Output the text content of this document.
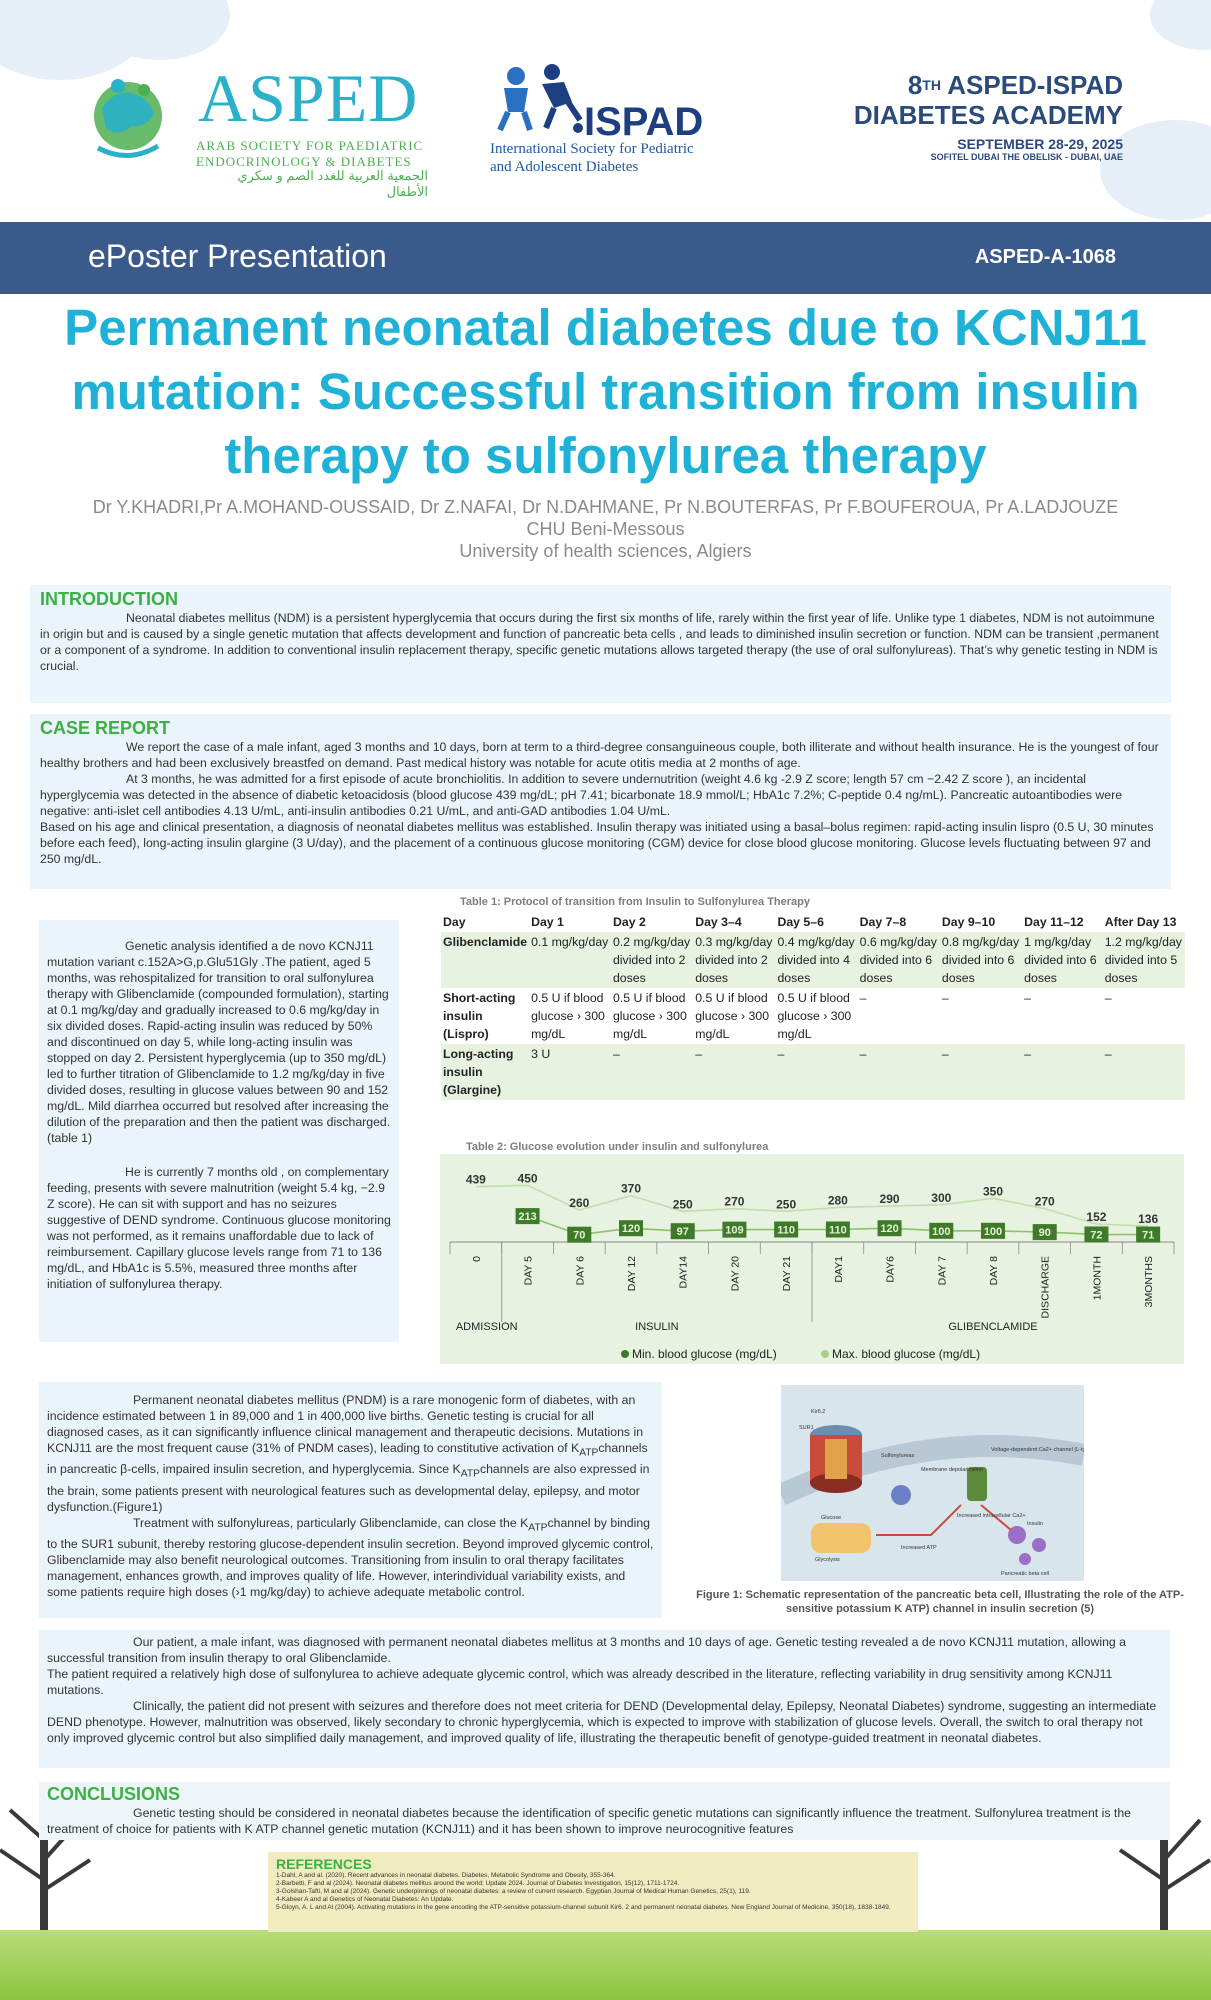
ASPED
ARAB SOCIETY FOR PAEDIATRIC
ENDOCRINOLOGY & DIABETES
الجمعية العربية للغدد الصم و سكري الأطفال
ISPAD
International Society for Pediatric
and Adolescent Diabetes
8TH ASPED-ISPAD
DIABETES ACADEMY
SEPTEMBER 28-29, 2025
SOFITEL DUBAI THE OBELISK - DUBAI, UAE
ePoster Presentation	ASPED-A-1068
Permanent neonatal diabetes due to KCNJ11
mutation: Successful transition from insulin
therapy to sulfonylurea therapy
Dr Y.KHADRI,Pr A.MOHAND-OUSSAID, Dr Z.NAFAI, Dr N.DAHMANE, Pr N.BOUTERFAS, Pr F.BOUFEROUA, Pr A.LADJOUZE
CHU Beni-Messous
University of health sciences, Algiers
INTRODUCTION

Neonatal diabetes mellitus (NDM) is a persistent hyperglycemia that occurs during the first six months of life, rarely within the first year of life. Unlike type 1 diabetes, NDM is not autoimmune in origin but and is caused by a single genetic mutation that affects development and function of pancreatic beta cells , and leads to diminished insulin secretion or function. NDM can be transient ,permanent or a component of a syndrome. In addition to conventional insulin replacement therapy, specific genetic mutations allows targeted therapy (the use of oral sulfonylureas). That’s why genetic testing in NDM is crucial.

CASE REPORT

We report the case of a male infant, aged 3 months and 10 days, born at term to a third-degree consanguineous couple, both illiterate and without health insurance. He is the youngest of four healthy brothers and had been exclusively breastfed on demand. Past medical history was notable for acute otitis media at 2 months of age.

At 3 months, he was admitted for a first episode of acute bronchiolitis. In addition to severe undernutrition (weight 4.6 kg -2.9 Z score; length 57 cm −2.42 Z score ), an incidental hyperglycemia was detected in the absence of diabetic ketoacidosis (blood glucose 439 mg/dL; pH 7.41; bicarbonate 18.9 mmol/L; HbA1c 7.2%; C-peptide 0.4 ng/mL). Pancreatic autoantibodies were negative: anti-islet cell antibodies 4.13 U/mL, anti-insulin antibodies 0.21 U/mL, and anti-GAD antibodies 1.04 U/mL.

Based on his age and clinical presentation, a diagnosis of neonatal diabetes mellitus was established. Insulin therapy was initiated using a basal–bolus regimen: rapid-acting insulin lispro (0.5 U, 30 minutes before each feed), long-acting insulin glargine (3 U/day), and the placement of a continuous glucose monitoring (CGM) device for close blood glucose monitoring. Glucose levels fluctuating between 97 and 250 mg/dL.

Genetic analysis identified a de novo KCNJ11 mutation variant c.152A>G,p.Glu51Gly .The patient, aged 5 months, was rehospitalized for transition to oral sulfonylurea therapy with Glibenclamide (compounded formulation), starting at 0.1 mg/kg/day and gradually increased to 0.6 mg/kg/day in six divided doses. Rapid-acting insulin was reduced by 50% and discontinued on day 5, while long-acting insulin was stopped on day 2. Persistent hyperglycemia (up to 350 mg/dL) led to further titration of Glibenclamide to 1.2 mg/kg/day in five divided doses, resulting in glucose values between 90 and 152 mg/dL. Mild diarrhea occurred but resolved after increasing the dilution of the preparation and then the patient was discharged. (table 1)

He is currently 7 months old , on complementary feeding, presents with severe malnutrition (weight 5.4 kg, −2.9 Z score). He can sit with support and has no seizures suggestive of DEND syndrome. Continuous glucose monitoring was not performed, as it remains unaffordable due to lack of reimbursement. Capillary glucose levels range from 71 to 136 mg/dL, and HbA1c is 5.5%, measured three months after initiation of sulfonylurea therapy.

Table 1: Protocol of transition from Insulin to Sulfonylurea Therapy
Day	Day 1	Day 2	Day 3–4	Day 5–6	Day 7–8	Day 9–10	Day 11–12	After Day 13
Glibenclamide	0.1 mg/kg/day	0.2 mg/kg/day divided into 2 doses	0.3 mg/kg/day divided into 2 doses	0.4 mg/kg/day divided into 4 doses	0.6 mg/kg/day divided into 6 doses	0.8 mg/kg/day divided into 6 doses	1 mg/kg/day divided into 6 doses	1.2 mg/kg/day divided into 5 doses
Short-acting insulin (Lispro)	0.5 U if blood glucose › 300 mg/dL	0.5 U if blood glucose › 300 mg/dL	0.5 U if blood glucose › 300 mg/dL	0.5 U if blood glucose › 300 mg/dL	–	–	–	–
Long-acting insulin (Glargine)	3 U	–	–	–	–	–	–	–
Table 2: Glucose evolution under insulin and sulfonylurea
0	DAY 5	DAY 6	DAY 12	DAY14	DAY 20	DAY 21	DAY1	DAY6	DAY 7	DAY 8	DISCHARGE	1MONTH	3MONTHS
ADMISSION	INSULIN	GLIBENCLAMIDE
439	450
260
370
250	270	250	280	290	300	350
270
152	136
213
70
120	97	109	110	110	120	100	100	90	72	71
Min. blood glucose (mg/dL)	Max. blood glucose (mg/dL)

Permanent neonatal diabetes mellitus (PNDM) is a rare monogenic form of diabetes, with an incidence estimated between 1 in 89,000 and 1 in 400,000 live births. Genetic testing is crucial for all diagnosed cases, as it can significantly influence clinical management and therapeutic decisions. Mutations in KCNJ11 are the most frequent cause (31% of PNDM cases), leading to constitutive activation of $K_{ATP}channels$ in pancreatic β-cells, impaired insulin secretion, and hyperglycemia. Since $K_{ATP}channels$ are also expressed in the brain, some patients present with neurological features such as developmental delay, epilepsy, and motor dysfunction.(Figure1)

Treatment with sulfonylureas, particularly Glibenclamide, can close the $K_{ATP}channel$ by binding to the SUR1 subunit, thereby restoring glucose-dependent insulin secretion. Beyond improved glycemic control, Glibenclamide may also benefit neurological outcomes. Transitioning from insulin to oral therapy facilitates management, enhances growth, and improves quality of life. However, interindividual variability exists, and some patients require high doses (›1 mg/kg/day) to achieve adequate metabolic control.

Kir6.2
SUR1
Sulfonylureas
Membrane depolarization
Voltage-dependent Ca2+ channel (L-type)
Increased intracellular Ca2+
Glucose
Glycolysis
Increased ATP
Insulin
Pancreatic beta cell
Figure 1: Schematic representation of the pancreatic beta cell, Illustrating the role of the ATP-sensitive potassium K ATP) channel in insulin secretion (5)

Our patient, a male infant, was diagnosed with permanent neonatal diabetes mellitus at 3 months and 10 days of age. Genetic testing revealed a de novo KCNJ11 mutation, allowing a successful transition from insulin therapy to oral Glibenclamide.

The patient required a relatively high dose of sulfonylurea to achieve adequate glycemic control, which was already described in the literature, reflecting variability in drug sensitivity among KCNJ11 mutations.

Clinically, the patient did not present with seizures and therefore does not meet criteria for DEND (Developmental delay, Epilepsy, Neonatal Diabetes) syndrome, suggesting an intermediate DEND phenotype. However, malnutrition was observed, likely secondary to chronic hyperglycemia, which is expected to improve with stabilization of glucose levels. Overall, the switch to oral therapy not only improved glycemic control but also simplified daily management, and improved quality of life, illustrating the therapeutic benefit of genotype-guided treatment in neonatal diabetes.

CONCLUSIONS

Genetic testing should be considered in neonatal diabetes because the identification of specific genetic mutations can significantly influence the treatment. Sulfonylurea treatment is the treatment of choice for patients with K ATP channel genetic mutation (KCNJ11) and it has been shown to improve neurocognitive features

REFERENCES
1-Dahl, A and al. (2020). Recent advances in neonatal diabetes. Diabetes, Metabolic Syndrome and Obesity, 355-364.
2-Barbetti, F and al (2024). Neonatal diabetes mellitus around the world: Update 2024. Journal of Diabetes Investigation, 15(12), 1711-1724.
3-Golshan-Tafti, M and al (2024). Genetic underpinnings of neonatal diabetes: a review of current research. Egyptian Journal of Medical Human Genetics, 25(1), 119.
4-Kabeer A and al Genetics of Neonatal Diabetes: An Update.
5-Gloyn, A. L and Al (2004). Activating mutations in the gene encoding the ATP-sensitive potassium-channel subunit Kir6. 2 and permanent neonatal diabetes. New England Journal of Medicine, 350(18), 1838-1849.
